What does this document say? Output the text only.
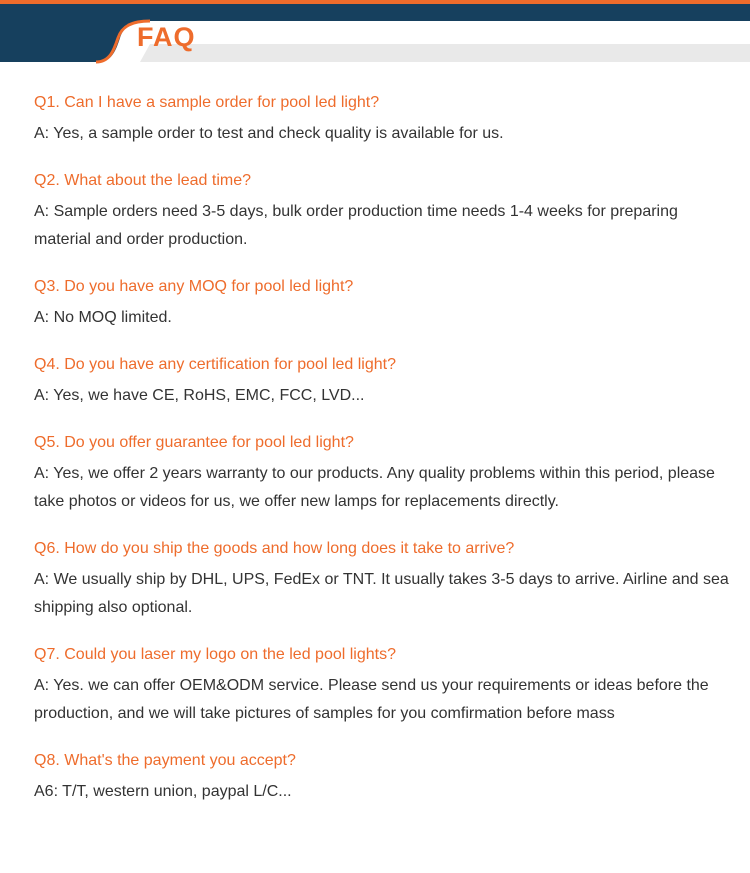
FAQ
Q1. Can I have a sample order for pool led light?
A: Yes, a sample order to test and check quality is available for us.
Q2. What about the lead time?
A: Sample orders need 3-5 days, bulk order production time needs 1-4 weeks for preparing material and order production.
Q3. Do you have any MOQ for pool led light?
A: No MOQ limited.
Q4. Do you have any certification for pool led light?
A: Yes, we have CE, RoHS, EMC, FCC, LVD...
Q5. Do you offer guarantee for pool led light?
A: Yes, we offer 2 years warranty to our products. Any quality problems within this period, please take photos or videos for us, we offer new lamps for replacements directly.
Q6. How do you ship the goods and how long does it take to arrive?
A: We usually ship by DHL, UPS, FedEx or TNT. It usually takes 3-5 days to arrive. Airline and sea shipping also optional.
Q7. Could you laser my logo on the led pool lights?
A: Yes. we can offer OEM&ODM service. Please send us your requirements or ideas before the production, and we will take pictures of samples for you comfirmation before mass
Q8. What's the payment you accept?
A6: T/T, western union, paypal L/C...
